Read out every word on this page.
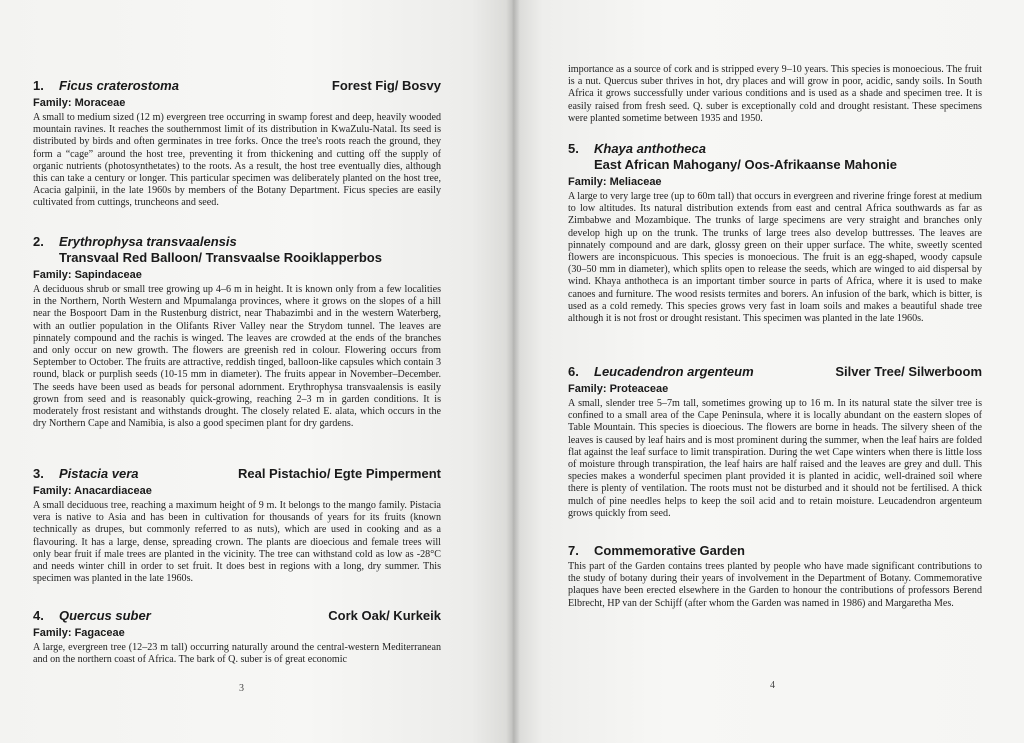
1. Ficus craterostoma	Forest Fig/ Bosvy
Family: Moraceae
A small to medium sized (12 m) evergreen tree occurring in swamp forest and deep, heavily wooded mountain ravines. It reaches the southernmost limit of its distribution in KwaZulu-Natal. Its seed is distributed by birds and often germinates in tree forks. Once the tree's roots reach the ground, they form a “cage” around the host tree, preventing it from thickening and cutting off the supply of organic nutrients (photosynthetates) to the roots. As a result, the host tree eventually dies, although this can take a century or longer. This particular specimen was deliberately planted on the host tree, Acacia galpinii, in the late 1960s by members of the Botany Department. Ficus species are easily cultivated from cuttings, truncheons and seed.
2. Erythrophysa transvaalensis
Transvaal Red Balloon/ Transvaalse Rooiklapperbos
Family: Sapindaceae
A deciduous shrub or small tree growing up 4–6 m in height. It is known only from a few localities in the Northern, North Western and Mpumalanga provinces, where it grows on the slopes of a hill near the Bospoort Dam in the Rustenburg district, near Thabazimbi and in the western Waterberg, with an outlier population in the Olifants River Valley near the Strydom tunnel. The leaves are pinnately compound and the rachis is winged. The leaves are crowded at the ends of the branches and only occur on new growth. The flowers are greenish red in colour. Flowering occurs from September to October. The fruits are attractive, reddish tinged, balloon-like capsules which contain 3 round, black or purplish seeds (10-15 mm in diameter). The fruits appear in November–December. The seeds have been used as beads for personal adornment. Erythrophysa transvaalensis is easily grown from seed and is reasonably quick-growing, reaching 2–3 m in garden conditions. It is moderately frost resistant and withstands drought. The closely related E. alata, which occurs in the dry Northern Cape and Namibia, is also a good specimen plant for dry gardens.
3. Pistacia vera	Real Pistachio/ Egte Pimperment
Family: Anacardiaceae
A small deciduous tree, reaching a maximum height of 9 m. It belongs to the mango family. Pistacia vera is native to Asia and has been in cultivation for thousands of years for its fruits (known technically as drupes, but commonly referred to as nuts), which are used in cooking and as a flavouring. It has a large, dense, spreading crown. The plants are dioecious and female trees will only bear fruit if male trees are planted in the vicinity. The tree can withstand cold as low as -28°C and needs winter chill in order to set fruit. It does best in regions with a long, dry summer. This specimen was planted in the late 1960s.
4. Quercus suber	Cork Oak/ Kurkeik
Family: Fagaceae
A large, evergreen tree (12–23 m tall) occurring naturally around the central-western Mediterranean and on the northern coast of Africa. The bark of Q. suber is of great economic
3
importance as a source of cork and is stripped every 9–10 years. This species is monoecious. The fruit is a nut. Quercus suber thrives in hot, dry places and will grow in poor, acidic, sandy soils. In South Africa it grows successfully under various conditions and is used as a shade and specimen tree. It is easily raised from fresh seed. Q. suber is exceptionally cold and drought resistant. These specimens were planted sometime between 1935 and 1950.
5. Khaya anthotheca
East African Mahogany/ Oos-Afrikaanse Mahonie
Family: Meliaceae
A large to very large tree (up to 60m tall) that occurs in evergreen and riverine fringe forest at medium to low altitudes. Its natural distribution extends from east and central Africa southwards as far as Zimbabwe and Mozambique. The trunks of large specimens are very straight and branches only develop high up on the trunk. The trunks of large trees also develop buttresses. The leaves are pinnately compound and are dark, glossy green on their upper surface. The white, sweetly scented flowers are inconspicuous. This species is monoecious. The fruit is an egg-shaped, woody capsule (30–50 mm in diameter), which splits open to release the seeds, which are winged to aid dispersal by wind. Khaya anthotheca is an important timber source in parts of Africa, where it is used to make canoes and furniture. The wood resists termites and borers. An infusion of the bark, which is bitter, is used as a cold remedy. This species grows very fast in loam soils and makes a beautiful shade tree although it is not frost or drought resistant. This specimen was planted in the late 1960s.
6. Leucadendron argenteum	Silver Tree/ Silwerboom
Family: Proteaceae
A small, slender tree 5–7m tall, sometimes growing up to 16 m. In its natural state the silver tree is confined to a small area of the Cape Peninsula, where it is locally abundant on the eastern slopes of Table Mountain. This species is dioecious. The flowers are borne in heads. The silvery sheen of the leaves is caused by leaf hairs and is most prominent during the summer, when the leaf hairs are folded flat against the leaf surface to limit transpiration. During the wet Cape winters when there is little loss of moisture through transpiration, the leaf hairs are half raised and the leaves are grey and dull. This species makes a wonderful specimen plant provided it is planted in acidic, well-drained soil where there is plenty of ventilation. The roots must not be disturbed and it should not be fertilised. A thick mulch of pine needles helps to keep the soil acid and to retain moisture. Leucadendron argenteum grows quickly from seed.
7. Commemorative Garden
This part of the Garden contains trees planted by people who have made significant contributions to the study of botany during their years of involvement in the Department of Botany. Commemorative plaques have been erected elsewhere in the Garden to honour the contributions of professors Berend Elbrecht, HP van der Schijff (after whom the Garden was named in 1986) and Margaretha Mes.
4
